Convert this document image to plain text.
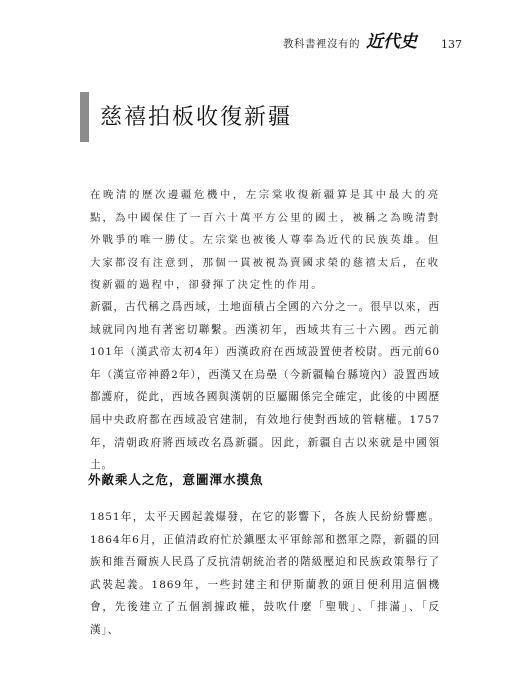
教科書裡沒有的 近代史 137
慈禧拍板收復新疆
在晚清的歷次邊疆危機中，左宗棠收復新疆算是其中最大的亮點，為中國保住了一百六十萬平方公里的國土，被稱之為晚清對外戰爭的唯一勝仗。左宗棠也被後人尊奉為近代的民族英雄。但大家都沒有注意到，那個一貫被視為賣國求榮的慈禧太后，在收復新疆的過程中，卻發揮了決定性的作用。
新疆，古代稱之爲西域，土地面積占全國的六分之一。很早以來，西域就同內地有著密切聯繫。西漢初年，西域共有三十六國。西元前101年（漢武帝太初4年）西漢政府在西域設置使者校尉。西元前60年（漢宣帝神爵2年），西漢又在烏壘（今新疆輪台縣境內）設置西域都護府，從此，西域各國與漢朝的臣屬關係完全確定，此後的中國歷屆中央政府都在西域設官建制，有效地行使對西域的管轄權。1757年，清朝政府將西域改名爲新疆。因此，新疆自古以來就是中國領土。
外敵乘人之危，意圖渾水摸魚
1851年，太平天國起義爆發，在它的影響下，各族人民紛紛響應。1864年6月，正値清政府忙於鎭壓太平軍餘部和撚軍之際，新疆的回族和維吾爾族人民爲了反抗清朝統治者的階級壓迫和民族政策舉行了武裝起義。1869年，一些封建主和伊斯蘭教的頭目便利用這個機會，先後建立了五個割據政權，鼓吹什麼「聖戰」、「排滿」、「反漢」、
